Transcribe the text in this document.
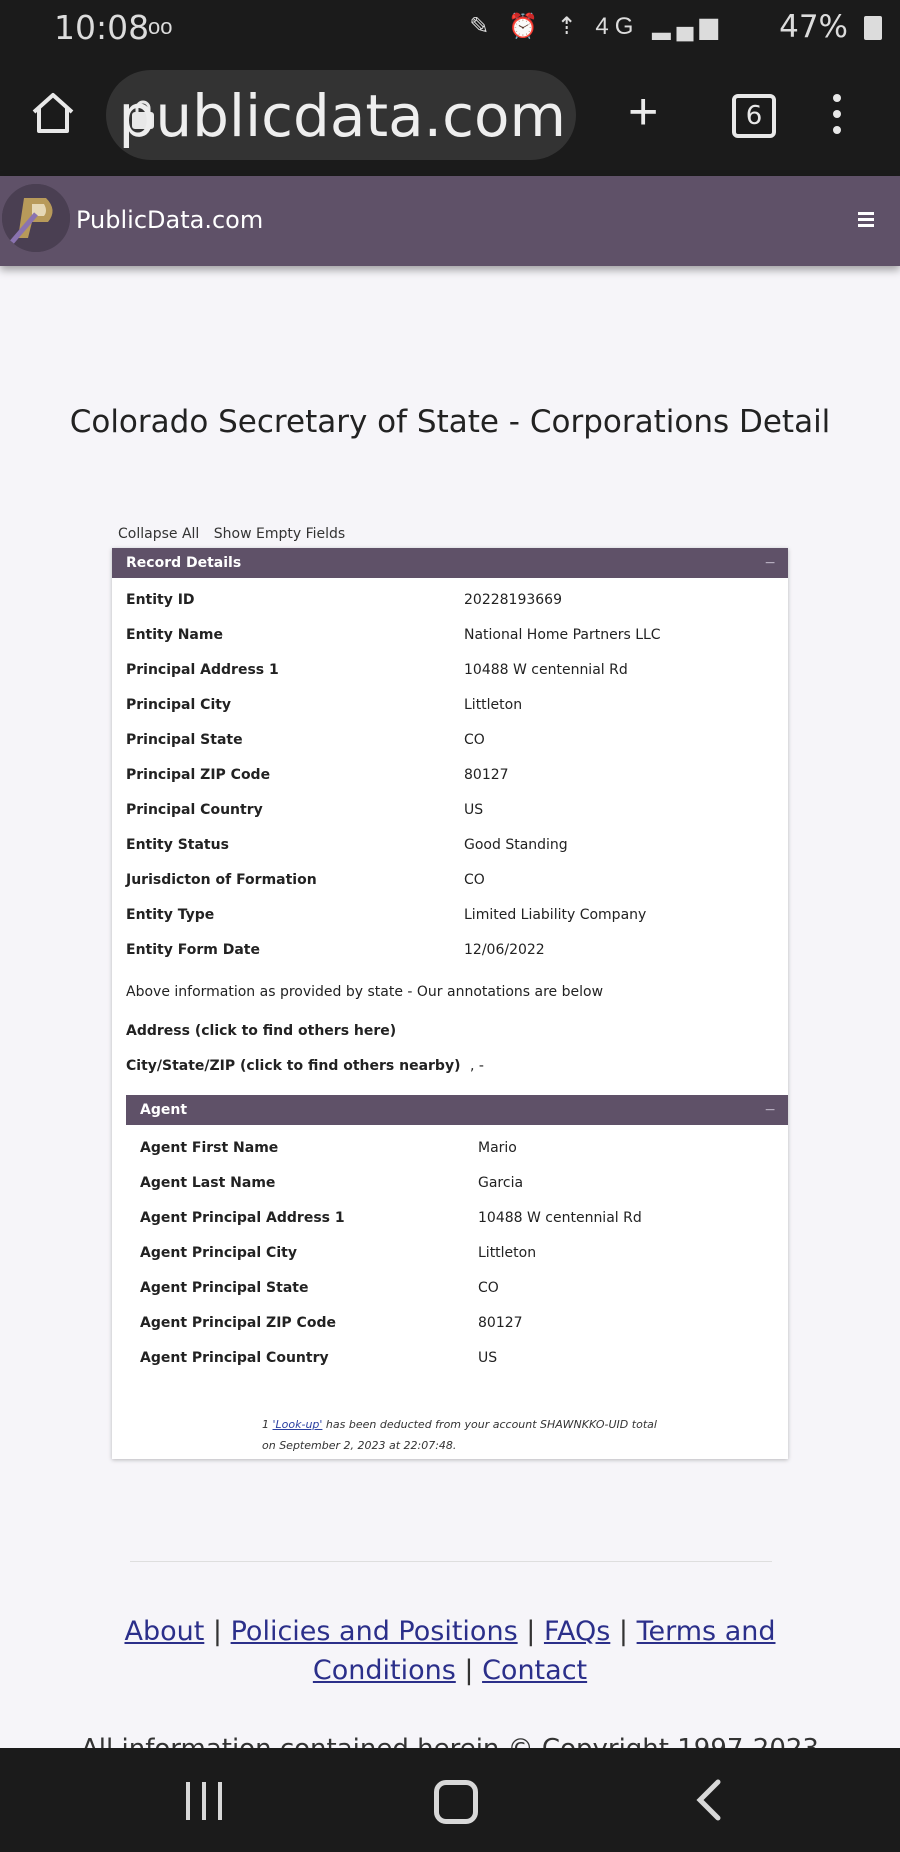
10:08
oo	✎ ⏰ ⇡ 4G ▂▄▆ 47%
publicdata.com +	6
PublicData.com
Colorado Secretary of State - Corporations Detail
Collapse All Show Empty Fields
Record Details	−
Entity ID	20228193669
Entity Name	National Home Partners LLC
Principal Address 1	10488 W centennial Rd
Principal City	Littleton
Principal State	CO
Principal ZIP Code	80127
Principal Country	US
Entity Status	Good Standing
Jurisdicton of Formation	CO
Entity Type	Limited Liability Company
Entity Form Date	12/06/2022
Above information as provided by state - Our annotations are below
Address (click to find others here)
City/State/ZIP (click to find others nearby) , -
Agent	−
Agent First Name	Mario
Agent Last Name	Garcia
Agent Principal Address 1	10488 W centennial Rd
Agent Principal City	Littleton
Agent Principal State	CO
Agent Principal ZIP Code	80127
Agent Principal Country	US
1 'Look-up' has been deducted from your account SHAWNKKO-UID total
on September 2, 2023 at 22:07:48.
About | Policies and Positions | FAQs | Terms and Conditions | Contact
